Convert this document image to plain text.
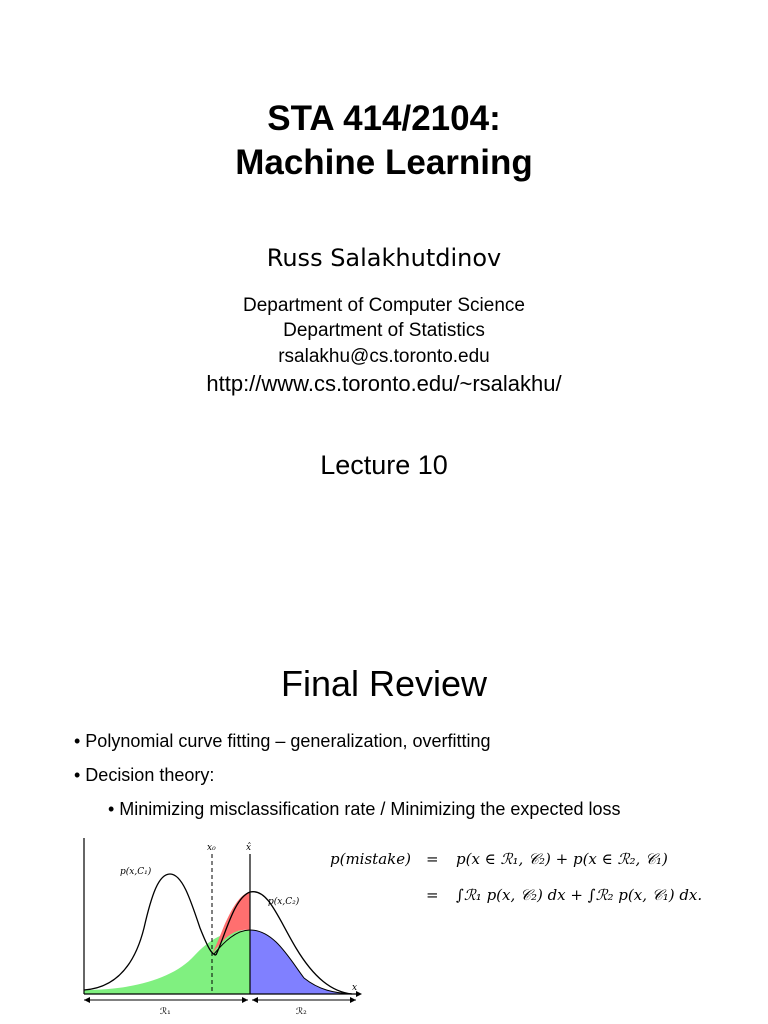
STA 414/2104:
Machine Learning
Russ Salakhutdinov
Department of Computer Science
Department of Statistics
rsalakhu@cs.toronto.edu
http://www.cs.toronto.edu/~rsalakhu/
Lecture 10
Final Review
• Polynomial curve fitting – generalization, overfitting
• Decision theory:
• Minimizing misclassification rate / Minimizing the expected loss
x₀	x̂
p(x,C₁)
p(x,C₂)
x
ℛ₁	ℛ₂
p(mistake) = p(x ∈ ℛ₁, 𝒞₂) + p(x ∈ ℛ₂, 𝒞₁)
= ∫ℛ₁ p(x, 𝒞₂) dx + ∫ℛ₂ p(x, 𝒞₁) dx.
